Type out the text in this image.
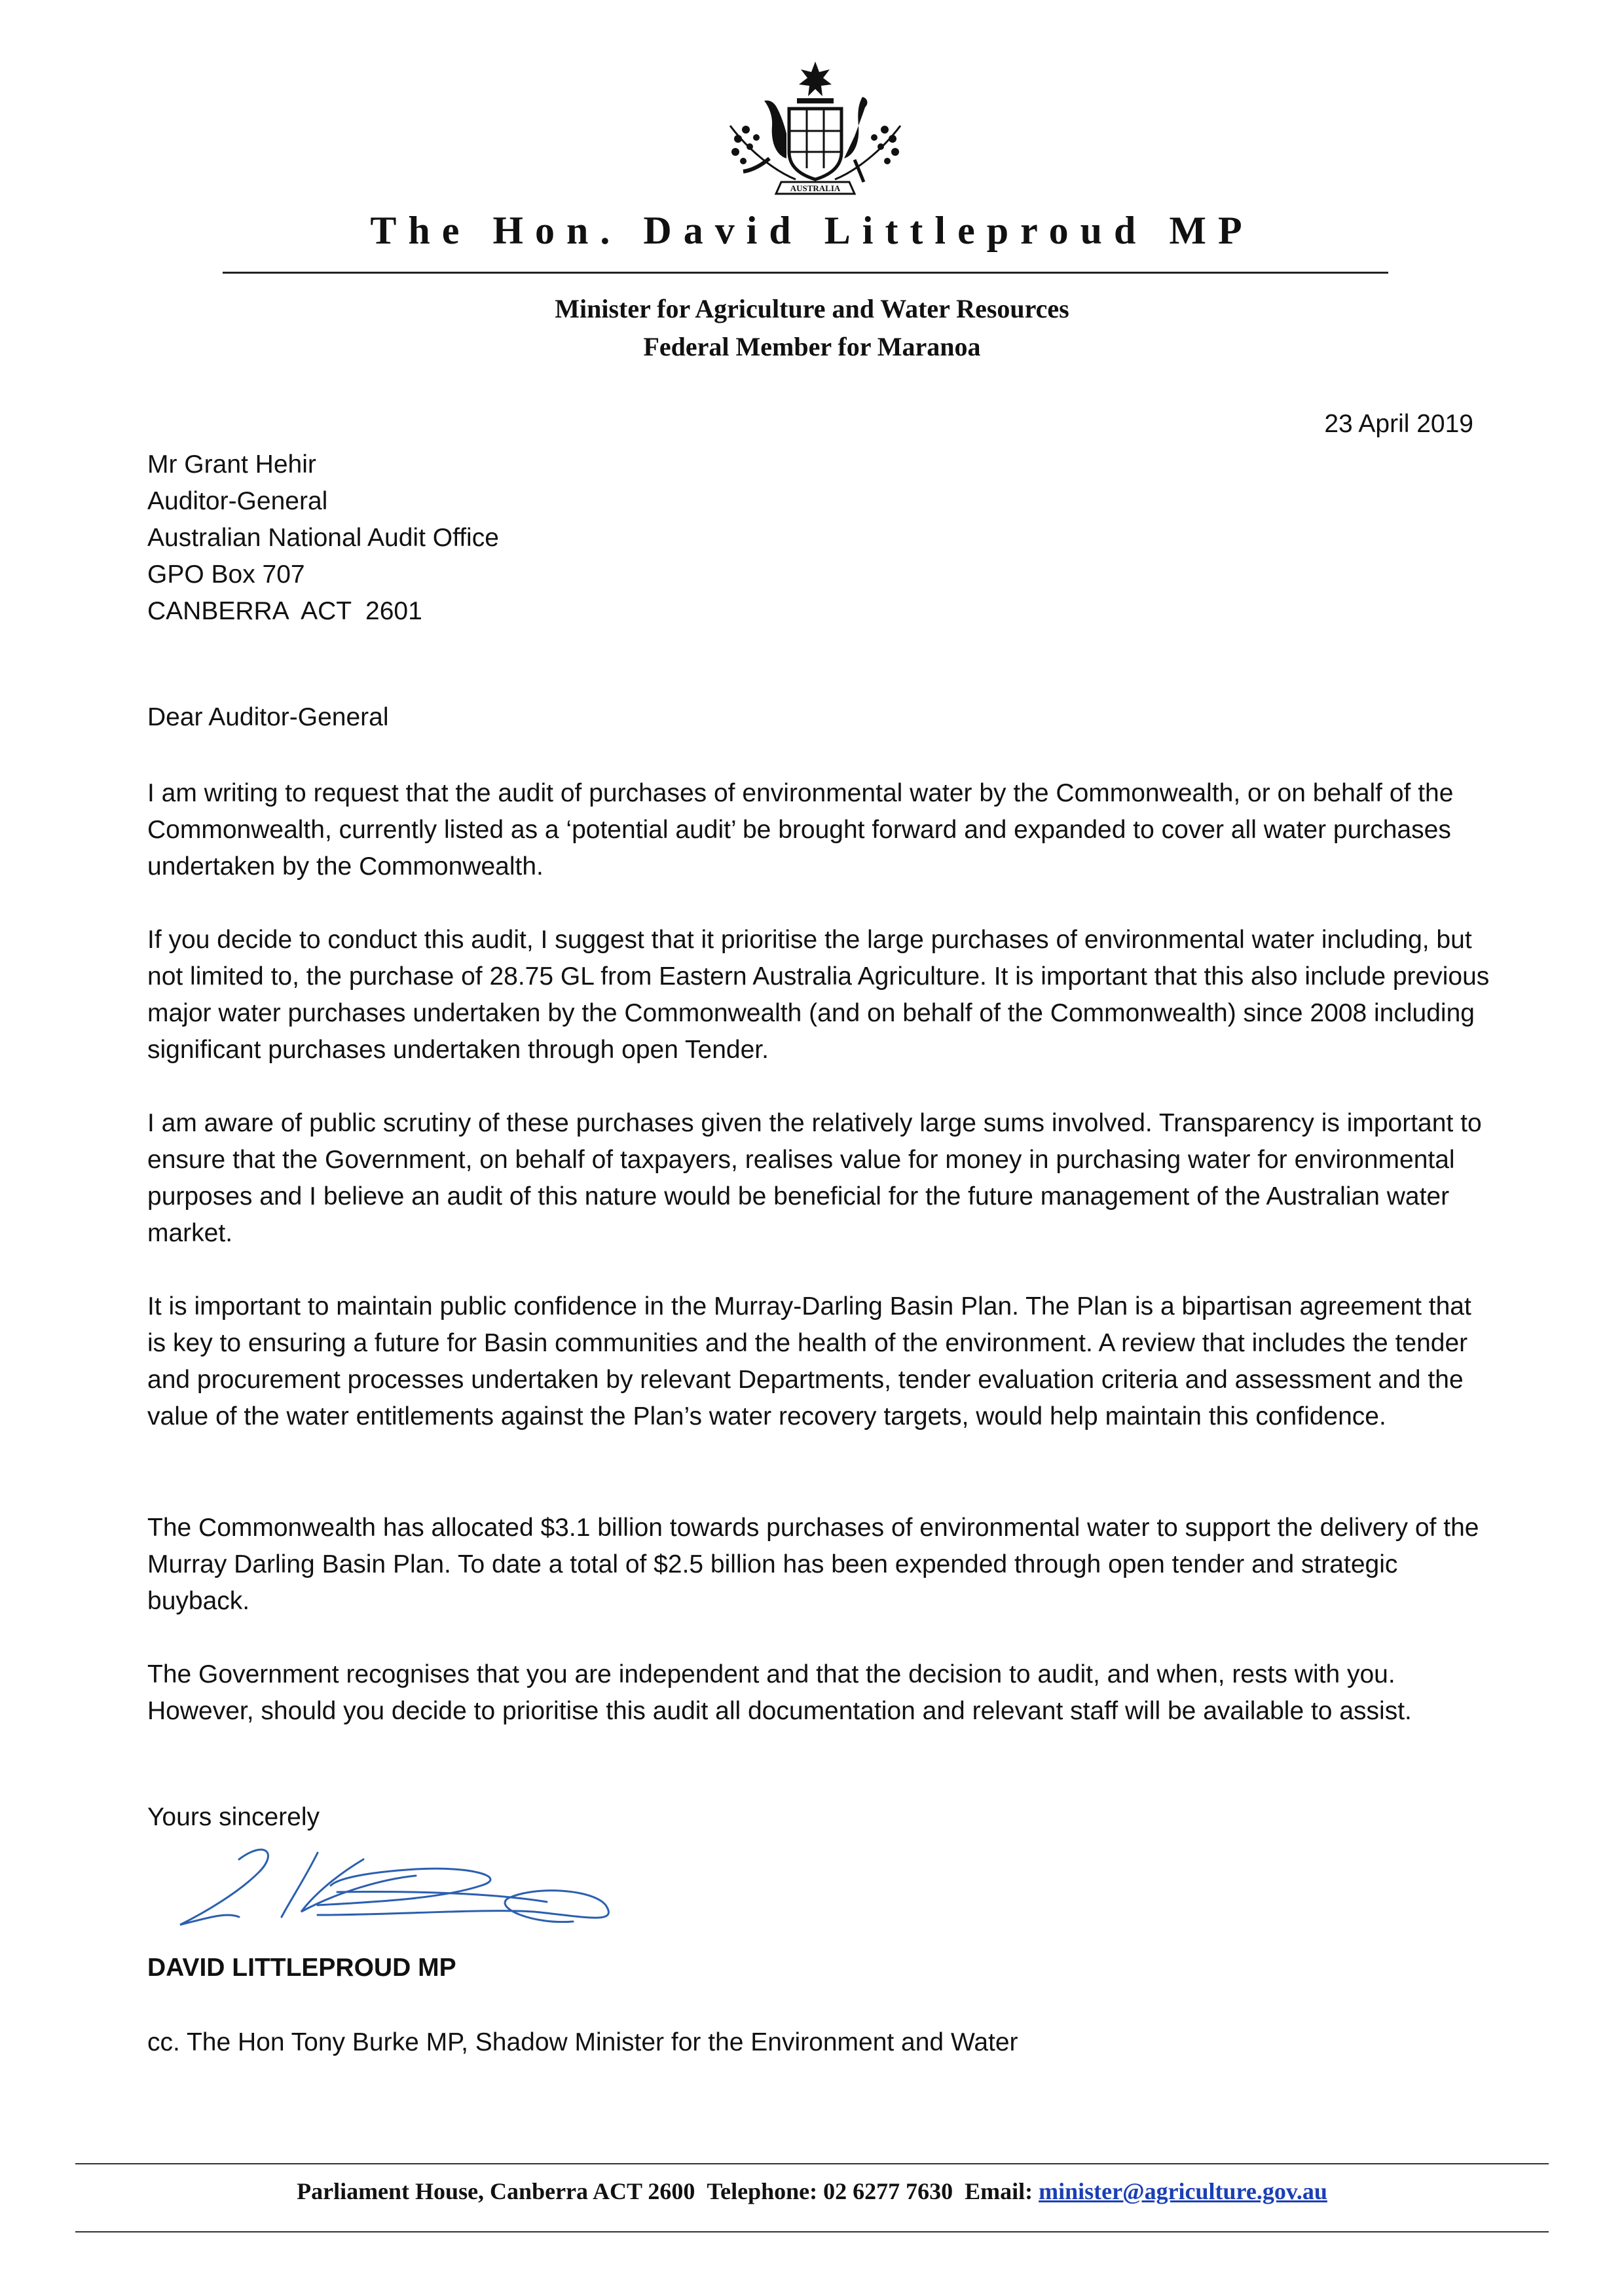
AUSTRALIA
The Hon. David Littleproud MP
Minister for Agriculture and Water Resources
Federal Member for Maranoa
23 April 2019
Mr Grant Hehir
Auditor-General
Australian National Audit Office
GPO Box 707
CANBERRA  ACT  2601
Dear Auditor-General

I am writing to request that the audit of purchases of environmental water by the Commonwealth, or on behalf of the Commonwealth, currently listed as a ‘potential audit’ be brought forward and expanded to cover all water purchases undertaken by the Commonwealth.

If you decide to conduct this audit, I suggest that it prioritise the large purchases of environmental water including, but not limited to, the purchase of 28.75 GL from Eastern Australia Agriculture. It is important that this also include previous major water purchases undertaken by the Commonwealth (and on behalf of the Commonwealth) since 2008 including significant purchases undertaken through open Tender.

I am aware of public scrutiny of these purchases given the relatively large sums involved. Transparency is important to ensure that the Government, on behalf of taxpayers, realises value for money in purchasing water for environmental purposes and I believe an audit of this nature would be beneficial for the future management of the Australian water market.

It is important to maintain public confidence in the Murray-Darling Basin Plan. The Plan is a bipartisan agreement that is key to ensuring a future for Basin communities and the health of the environment. A review that includes the tender and procurement processes undertaken by relevant Departments, tender evaluation criteria and assessment and the value of the water entitlements against the Plan’s water recovery targets, would help maintain this confidence.

The Commonwealth has allocated $3.1 billion towards purchases of environmental water to support the delivery of the Murray Darling Basin Plan. To date a total of $2.5 billion has been expended through open tender and strategic buyback.

The Government recognises that you are independent and that the decision to audit, and when, rests with you. However, should you decide to prioritise this audit all documentation and relevant staff will be available to assist.

Yours sincerely
DAVID LITTLEPROUD MP
cc. The Hon Tony Burke MP, Shadow Minister for the Environment and Water
Parliament House, Canberra ACT 2600 Telephone: 02 6277 7630 Email: minister@agriculture.gov.au
